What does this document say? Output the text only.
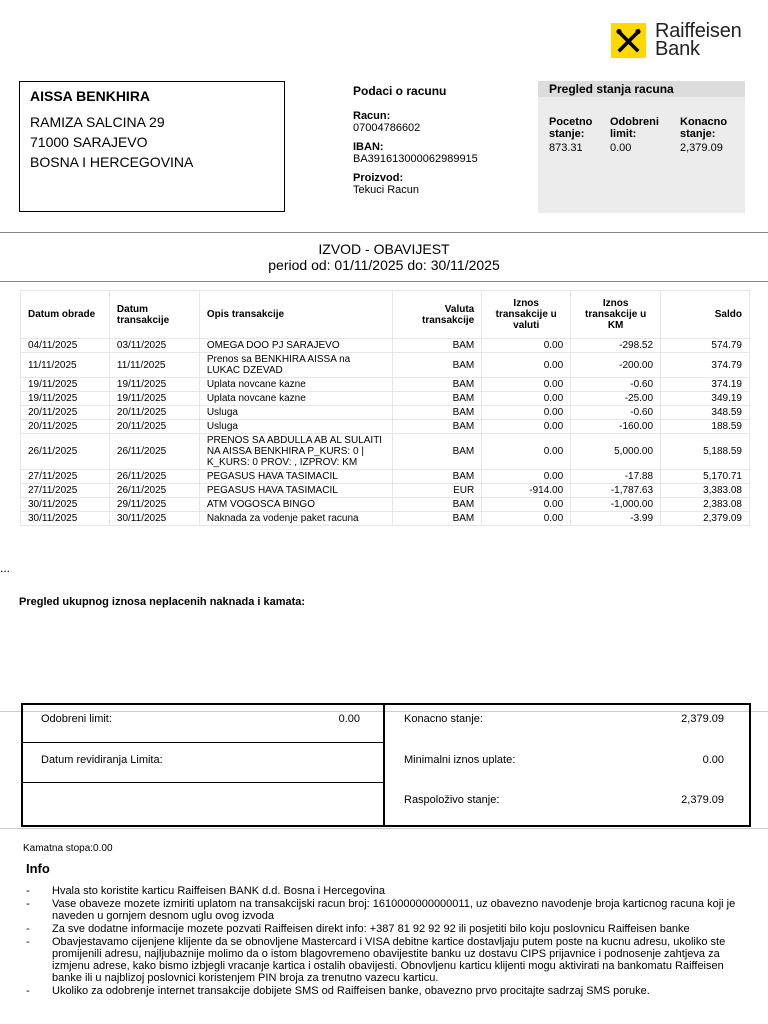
Raiffeisen
Bank
AISSA BENKHIRA
RAMIZA SALCINA 29
71000 SARAJEVO
BOSNA I HERCEGOVINA
Podaci o racunu
Racun:
07004786602
IBAN:
BA391613000062989915
Proizvod:
Tekuci Racun
Pregled stanja racuna
Pocetno
stanje:
873.31
Odobreni
limit:
0.00
Konacno
stanje:
2,379.09
IZVOD - OBAVIJEST
period od: 01/11/2025 do: 30/11/2025
Datum obrade	Datum transakcije	Opis transakcije	Valuta transakcije	Iznos transakcije u valuti	Iznos transakcije u KM	Saldo
04/11/2025	03/11/2025	OMEGA DOO PJ SARAJEVO	BAM	0.00	-298.52	574.79
11/11/2025	11/11/2025	Prenos sa BENKHIRA AISSA na LUKAC DZEVAD	BAM	0.00	-200.00	374.79
19/11/2025	19/11/2025	Uplata novcane kazne	BAM	0.00	-0.60	374.19
19/11/2025	19/11/2025	Uplata novcane kazne	BAM	0.00	-25.00	349.19
20/11/2025	20/11/2025	Usluga	BAM	0.00	-0.60	348.59
20/11/2025	20/11/2025	Usluga	BAM	0.00	-160.00	188.59
26/11/2025	26/11/2025	PRENOS SA ABDULLA AB AL SULAITI NA AISSA BENKHIRA P_KURS: 0 | K_KURS: 0 PROV: , IZPROV: KM	BAM	0.00	5,000.00	5,188.59
27/11/2025	26/11/2025	PEGASUS HAVA TASIMACIL	BAM	0.00	-17.88	5,170.71
27/11/2025	26/11/2025	PEGASUS HAVA TASIMACIL	EUR	-914.00	-1,787.63	3,383.08
30/11/2025	29/11/2025	ATM VOGOSCA BINGO	BAM	0.00	-1,000.00	2,383.08
30/11/2025	30/11/2025	Naknada za vodenje paket racuna	BAM	0.00	-3.99	2,379.09
...
Pregled ukupnog iznosa neplacenih naknada i kamata:
Odobreni limit:	0.00
Datum revidiranja Limita:
Konacno stanje:	2,379.09
Minimalni iznos uplate:	0.00
Raspoloživo stanje:	2,379.09
Kamatna stopa:0.00
Info
-	Hvala sto koristite karticu Raiffeisen BANK d.d. Bosna i Hercegovina
-	Vase obaveze mozete izmiriti uplatom na transakcijski racun broj: 1610000000000011, uz obavezno navodenje broja karticnog racuna koji je naveden u gornjem desnom uglu ovog izvoda
-	Za sve dodatne informacije mozete pozvati Raiffeisen direkt info: +387 81 92 92 92 ili posjetiti bilo koju poslovnicu Raiffeisen banke
-	Obavjestavamo cijenjene klijente da se obnovljene Mastercard i VISA debitne kartice dostavljaju putem poste na kucnu adresu, ukoliko ste promijenili adresu, najljubaznije molimo da o istom blagovremeno obavijestite banku uz dostavu CIPS prijavnice i podnosenje zahtjeva za izmjenu adrese, kako bismo izbjegli vracanje kartica i ostalih obavijesti. Obnovljenu karticu klijenti mogu aktivirati na bankomatu Raiffeisen banke ili u najblizoj poslovnici koristenjem PIN broja za trenutno vazecu karticu.
-	Ukoliko za odobrenje internet transakcije dobijete SMS od Raiffeisen banke, obavezno prvo procitajte sadrzaj SMS poruke.
